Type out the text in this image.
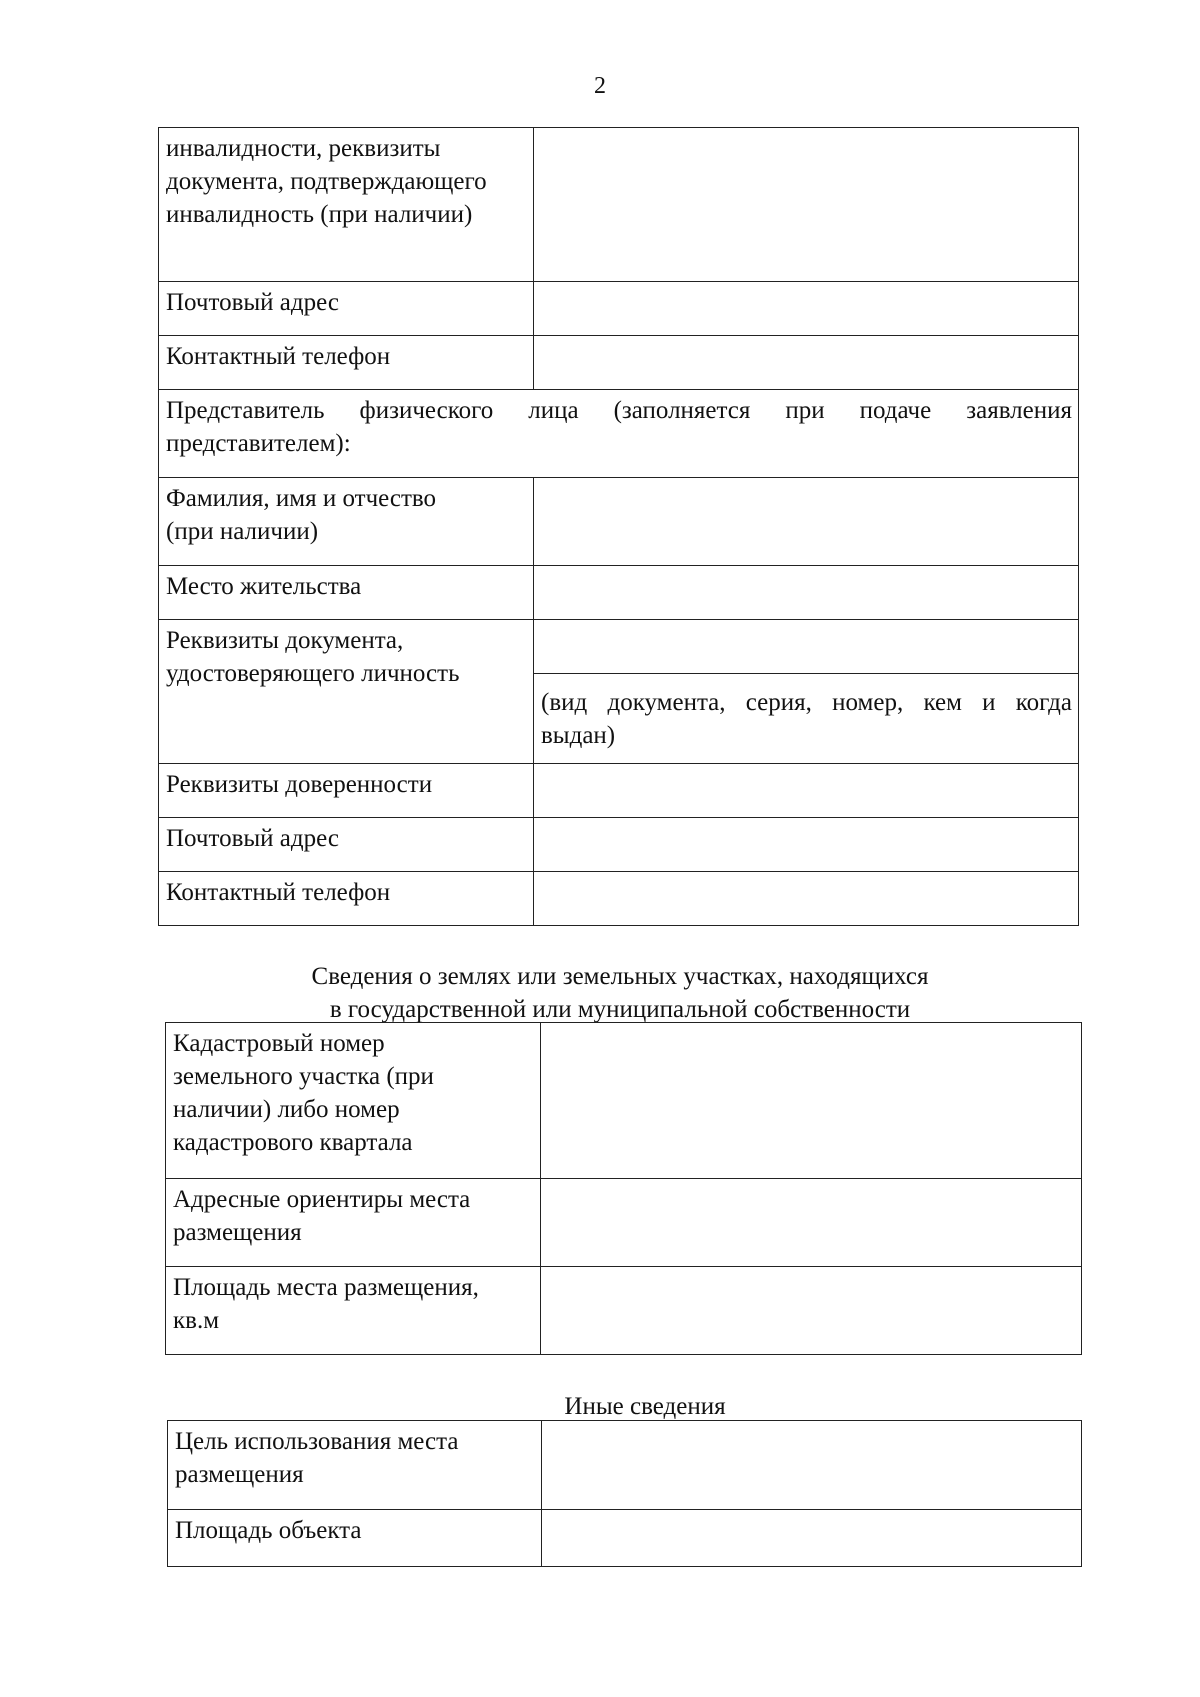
2
инвалидности, реквизиты документа, подтверждающего инвалидность (при наличии)	

Почтовый адрес	
Контактный телефон	

Представитель физического лица (заполняется при подаче заявления
представителем):	

Фамилия, имя и отчество (при наличии)	

Место жительства	

Реквизиты документа, удостоверяющего личность	

	(вид документа, серия, номер, кем и когда
выдан)

Реквизиты доверенности	
Почтовый адрес	
Контактный телефон	
Сведения о землях или земельных участках, находящихся
в государственной или муниципальной собственности
Кадастровый номер земельного участка (при наличии) либо номер кадастрового квартала	

Адресные ориентиры места размещения	

Площадь места размещения, кв.м	

Иные сведения
Цель использования места размещения	

Площадь объекта	
